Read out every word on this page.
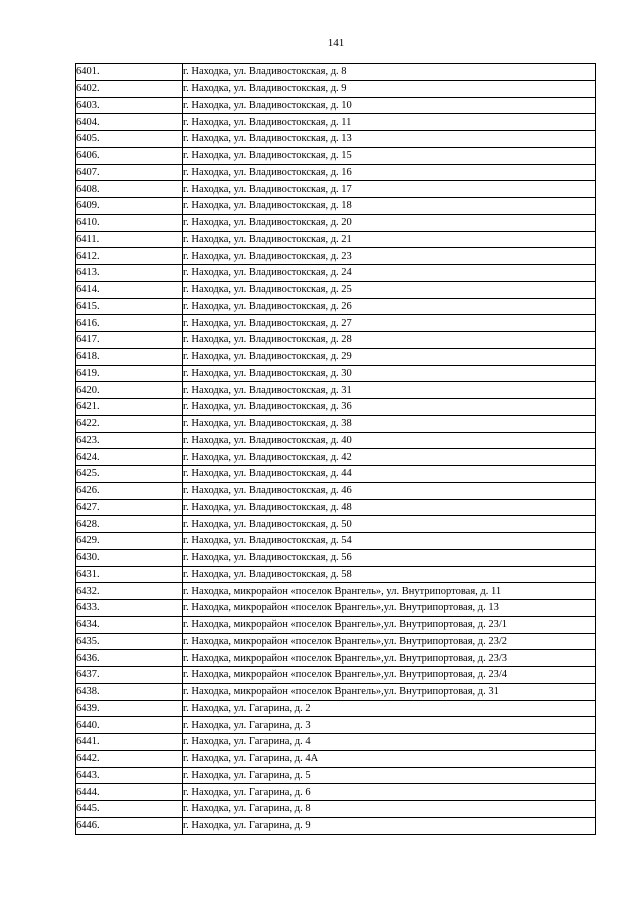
141
6401.	г. Находка, ул. Владивостокская, д. 8
6402.	г. Находка, ул. Владивостокская, д. 9
6403.	г. Находка, ул. Владивостокская, д. 10
6404.	г. Находка, ул. Владивостокская, д. 11
6405.	г. Находка, ул. Владивостокская, д. 13
6406.	г. Находка, ул. Владивостокская, д. 15
6407.	г. Находка, ул. Владивостокская, д. 16
6408.	г. Находка, ул. Владивостокская, д. 17
6409.	г. Находка, ул. Владивостокская, д. 18
6410.	г. Находка, ул. Владивостокская, д. 20
6411.	г. Находка, ул. Владивостокская, д. 21
6412.	г. Находка, ул. Владивостокская, д. 23
6413.	г. Находка, ул. Владивостокская, д. 24
6414.	г. Находка, ул. Владивостокская, д. 25
6415.	г. Находка, ул. Владивостокская, д. 26
6416.	г. Находка, ул. Владивостокская, д. 27
6417.	г. Находка, ул. Владивостокская, д. 28
6418.	г. Находка, ул. Владивостокская, д. 29
6419.	г. Находка, ул. Владивостокская, д. 30
6420.	г. Находка, ул. Владивостокская, д. 31
6421.	г. Находка, ул. Владивостокская, д. 36
6422.	г. Находка, ул. Владивостокская, д. 38
6423.	г. Находка, ул. Владивостокская, д. 40
6424.	г. Находка, ул. Владивостокская, д. 42
6425.	г. Находка, ул. Владивостокская, д. 44
6426.	г. Находка, ул. Владивостокская, д. 46
6427.	г. Находка, ул. Владивостокская, д. 48
6428.	г. Находка, ул. Владивостокская, д. 50
6429.	г. Находка, ул. Владивостокская, д. 54
6430.	г. Находка, ул. Владивостокская, д. 56
6431.	г. Находка, ул. Владивостокская, д. 58
6432.	г. Находка, микрорайон «поселок Врангель», ул. Внутрипортовая, д. 11
6433.	г. Находка, микрорайон «поселок Врангель»,ул. Внутрипортовая, д. 13
6434.	г. Находка, микрорайон «поселок Врангель»,ул. Внутрипортовая, д. 23/1
6435.	г. Находка, микрорайон «поселок Врангель»,ул. Внутрипортовая, д. 23/2
6436.	г. Находка, микрорайон «поселок Врангель»,ул. Внутрипортовая, д. 23/3
6437.	г. Находка, микрорайон «поселок Врангель»,ул. Внутрипортовая, д. 23/4
6438.	г. Находка, микрорайон «поселок Врангель»,ул. Внутрипортовая, д. 31
6439.	г. Находка, ул. Гагарина, д. 2
6440.	г. Находка, ул. Гагарина, д. 3
6441.	г. Находка, ул. Гагарина, д. 4
6442.	г. Находка, ул. Гагарина, д. 4А
6443.	г. Находка, ул. Гагарина, д. 5
6444.	г. Находка, ул. Гагарина, д. 6
6445.	г. Находка, ул. Гагарина, д. 8
6446.	г. Находка, ул. Гагарина, д. 9
